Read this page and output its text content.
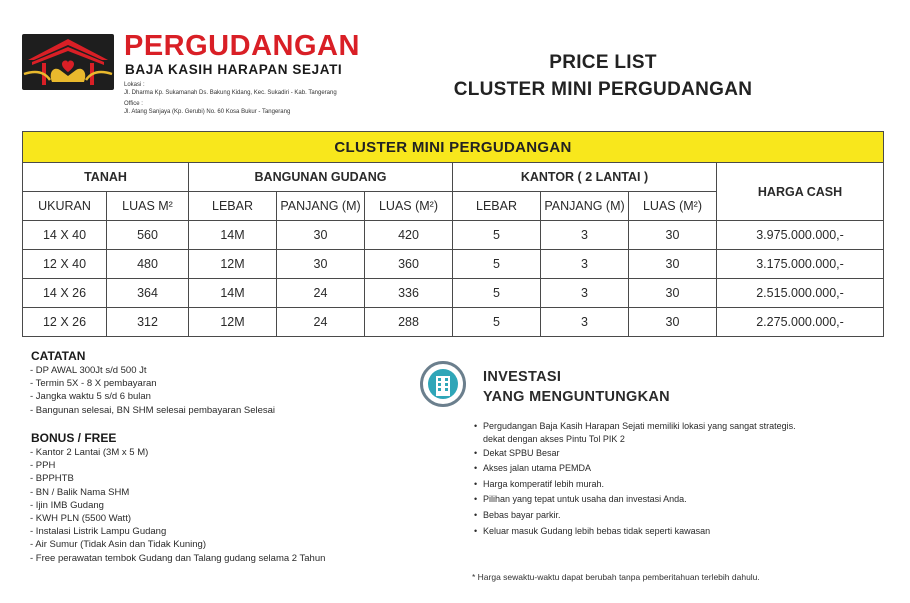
PERGUDANGAN
BAJA KASIH HARAPAN SEJATI
Lokasi :
Jl. Dharma Kp. Sukamanah Ds. Bakung Kidang, Kec. Sukadiri - Kab. Tangerang
Office :
Jl. Atang Sanjaya (Kp. Gerubi) No. 60 Kosa Bukur - Tangerang
PRICE LIST
CLUSTER MINI PERGUDANGAN
CLUSTER MINI PERGUDANGAN								
TANAH		BANGUNAN GUDANG			KANTOR ( 2 LANTAI )			HARGA CASH
UKURAN	LUAS M²	LEBAR	PANJANG (M)	LUAS (M²)	LEBAR	PANJANG (M)	LUAS (M²)	
14 X 40	560	14M	30	420	5	3	30	3.975.000.000,-
12 X 40	480	12M	30	360	5	3	30	3.175.000.000,-
14 X 26	364	14M	24	336	5	3	30	2.515.000.000,-
12 X 26	312	12M	24	288	5	3	30	2.275.000.000,-
CATATAN
- DP AWAL 300Jt s/d 500 Jt
- Termin 5X - 8 X pembayaran
- Jangka waktu 5 s/d 6 bulan
- Bangunan selesai, BN SHM selesai pembayaran Selesai
BONUS / FREE
- Kantor 2 Lantai (3M x 5 M)
- PPH
- BPPHTB
- BN / Balik Nama SHM
- Ijin IMB Gudang
- KWH PLN (5500 Watt)
- Instalasi Listrik Lampu Gudang
- Air Sumur (Tidak Asin dan Tidak Kuning)
- Free perawatan tembok Gudang dan Talang gudang selama 2 Tahun
INVESTASI
YANG MENGUNTUNGKAN
• Pergudangan Baja Kasih Harapan Sejati memiliki lokasi yang sangat strategis.
dekat dengan akses Pintu Tol PIK 2
• Dekat SPBU Besar
• Akses jalan utama PEMDA
• Harga komperatif lebih murah.
• Pilihan yang tepat untuk usaha dan investasi Anda.
• Bebas bayar parkir.
• Keluar masuk Gudang lebih bebas tidak seperti kawasan
* Harga sewaktu-waktu dapat berubah tanpa pemberitahuan terlebih dahulu.
